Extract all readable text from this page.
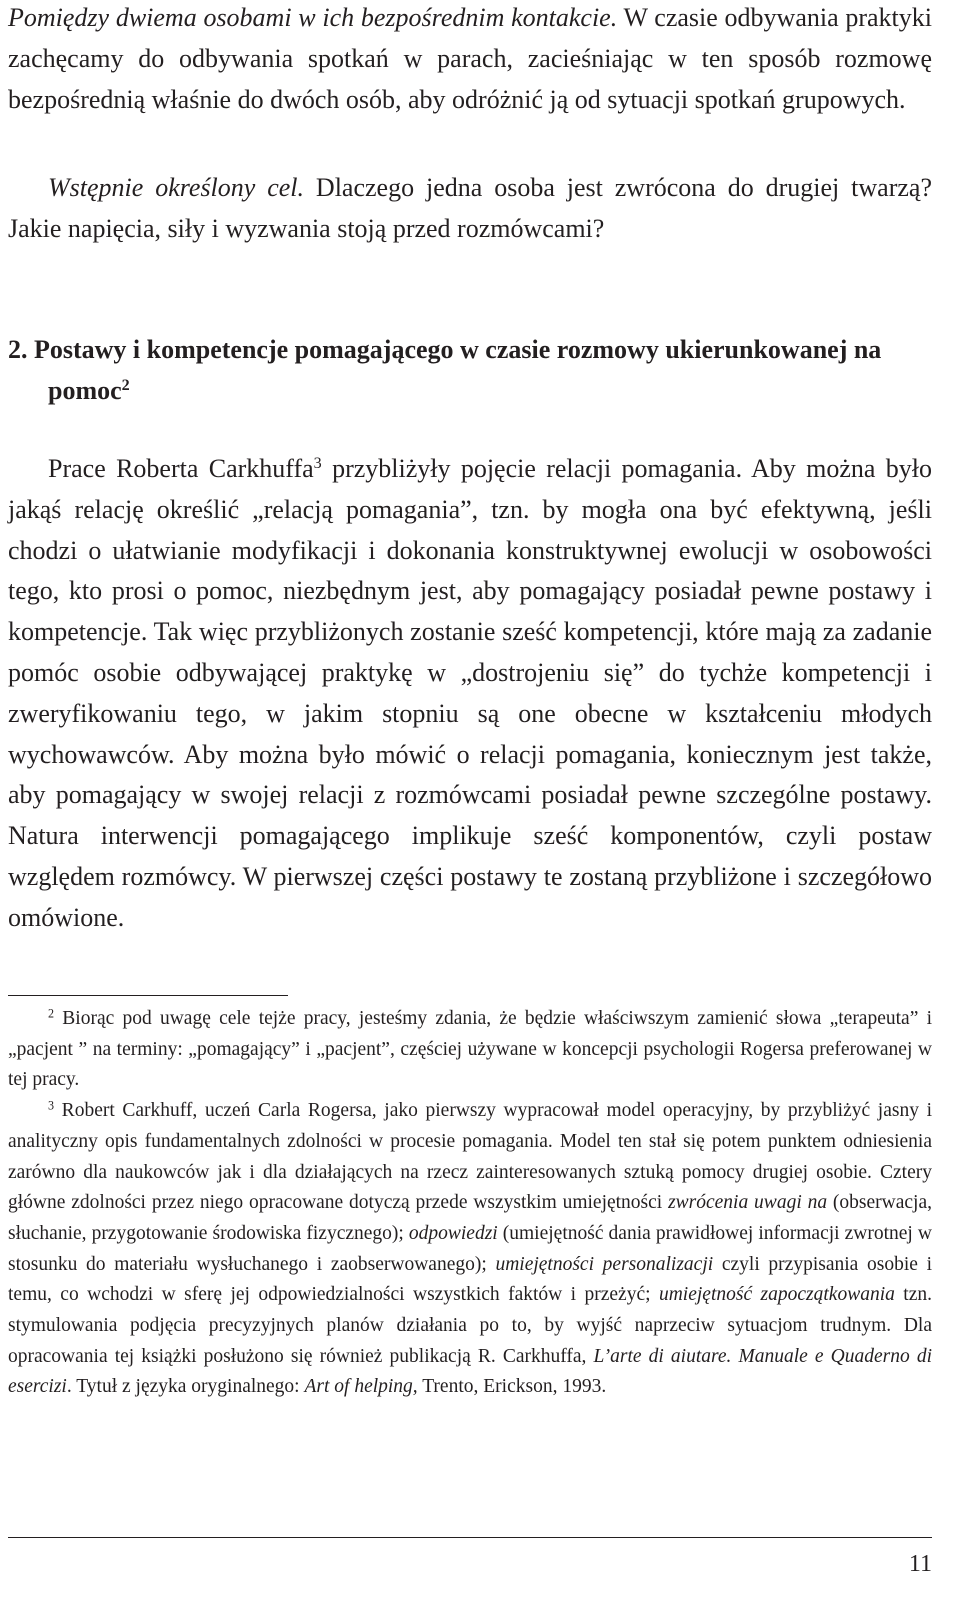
Pomiędzy dwiema osobami w ich bezpośrednim kontakcie. W czasie odbywania praktyki zachęcamy do odbywania spotkań w parach, zacieśniając w ten sposób rozmowę bezpośrednią właśnie do dwóch osób, aby odróżnić ją od sytuacji spotkań grupowych.

Wstępnie określony cel. Dlaczego jedna osoba jest zwrócona do drugiej twarzą? Jakie napięcia, siły i wyzwania stoją przed rozmówcami?

2. Postawy i kompetencje pomagającego w czasie rozmowy ukierunkowanej na pomoc$^2$

Prace Roberta Carkhuffa$^3$ przybliżyły pojęcie relacji pomagania. Aby można było jakąś relację określić „relacją pomagania”, tzn. by mogła ona być efektywną, jeśli chodzi o ułatwianie modyfikacji i dokonania konstruktywnej ewolucji w osobowości tego, kto prosi o pomoc, niezbędnym jest, aby pomagający posiadał pewne postawy i kompetencje. Tak więc przybliżonych zostanie sześć kompetencji, które mają za zadanie pomóc osobie odbywającej praktykę w „dostrojeniu się” do tychże kompetencji i zweryfikowaniu tego, w jakim stopniu są one obecne w kształceniu młodych wychowawców. Aby można było mówić o relacji pomagania, koniecznym jest także, aby pomagający w swojej relacji z rozmówcami posiadał pewne szczególne postawy. Natura interwencji pomagającego implikuje sześć komponentów, czyli postaw względem rozmówcy. W pierwszej części postawy te zostaną przybliżone i szczegółowo omówione.

$^2$ Biorąc pod uwagę cele tejże pracy, jesteśmy zdania, że będzie właściwszym zamienić słowa „terapeuta” i „pacjent ” na terminy: „pomagający” i „pacjent”, częściej używane w koncepcji psychologii Rogersa preferowanej w tej pracy.

$^3$ Robert Carkhuff, uczeń Carla Rogersa, jako pierwszy wypracował model operacyjny, by przybliżyć jasny i analityczny opis fundamentalnych zdolności w procesie pomagania. Model ten stał się potem punktem odniesienia zarówno dla naukowców jak i dla działających na rzecz zainteresowanych sztuką pomocy drugiej osobie. Cztery główne zdolności przez niego opracowane dotyczą przede wszystkim umiejętności zwrócenia uwagi na (obserwacja, słuchanie, przygotowanie środowiska fizycznego); odpowiedzi (umiejętność dania prawidłowej informacji zwrotnej w stosunku do materiału wysłuchanego i zaobserwowanego); umiejętności personalizacji czyli przypisania osobie i temu, co wchodzi w sferę jej odpowiedzialności wszystkich faktów i przeżyć; umiejętność zapoczątkowania tzn. stymulowania podjęcia precyzyjnych planów działania po to, by wyjść naprzeciw sytuacjom trudnym. Dla opracowania tej książki posłużono się również publikacją R. Carkhuffa, L’arte di aiutare. Manuale e Quaderno di esercizi. Tytuł z języka oryginalnego: Art of helping, Trento, Erickson, 1993.

11
